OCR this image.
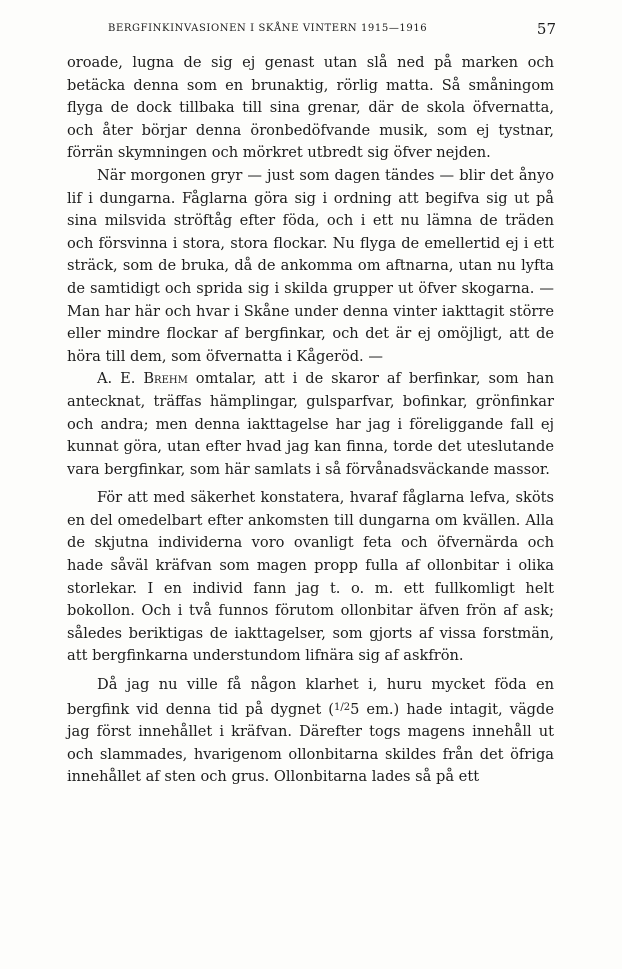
BERGFINKINVASIONEN I SKÅNE VINTERN 1915—1916	57

oroade, lugna de sig ej genast utan slå ned på marken och betäcka denna som en brunaktig, rörlig matta. Så småningom flyga de dock tillbaka till sina grenar, där de skola öfvernatta, och åter börjar denna öronbedöfvande musik, som ej tystnar, förrän skymningen och mörkret utbredt sig öfver nejden.

När morgonen gryr — just som dagen tändes — blir det ånyo lif i dungarna. Fåglarna göra sig i ordning att begifva sig ut på sina milsvida ströftåg efter föda, och i ett nu lämna de träden och försvinna i stora, stora flockar. Nu flyga de emellertid ej i ett sträck, som de bruka, då de ankomma om aftnarna, utan nu lyfta de samtidigt och sprida sig i skilda grupper ut öfver skogarna. — Man har här och hvar i Skåne under denna vinter iakttagit större eller mindre flockar af bergfinkar, och det är ej omöjligt, att de höra till dem, som öfvernatta i Kågeröd. —

A. E. Brehm omtalar, att i de skaror af berfinkar, som han antecknat, träffas hämplingar, gulsparfvar, bofinkar, grönfinkar och andra; men denna iakttagelse har jag i föreliggande fall ej kunnat göra, utan efter hvad jag kan finna, torde det uteslutande vara bergfinkar, som här samlats i så förvånadsväckande massor.

För att med säkerhet konstatera, hvaraf fåglarna lefva, sköts en del omedelbart efter ankomsten till dungarna om kvällen. Alla de skjutna individerna voro ovanligt feta och öfvernärda och hade såväl kräfvan som magen propp fulla af ollonbitar i olika storlekar. I en individ fann jag t. o. m. ett fullkomligt helt bokollon. Och i två funnos förutom ollonbitar äfven frön af ask; således beriktigas de iakttagelser, som gjorts af vissa forstmän, att bergfinkarna understundom lifnära sig af askfrön.

Då jag nu ville få någon klarhet i, huru mycket föda en bergfink vid denna tid på dygnet ($^{1/2}$5 em.) hade intagit, vägde jag först innehållet i kräfvan. Därefter togs magens innehåll ut och slammades, hvarigenom ollonbitarna skildes från det öfriga innehållet af sten och grus. Ollonbitarna lades så på ett
